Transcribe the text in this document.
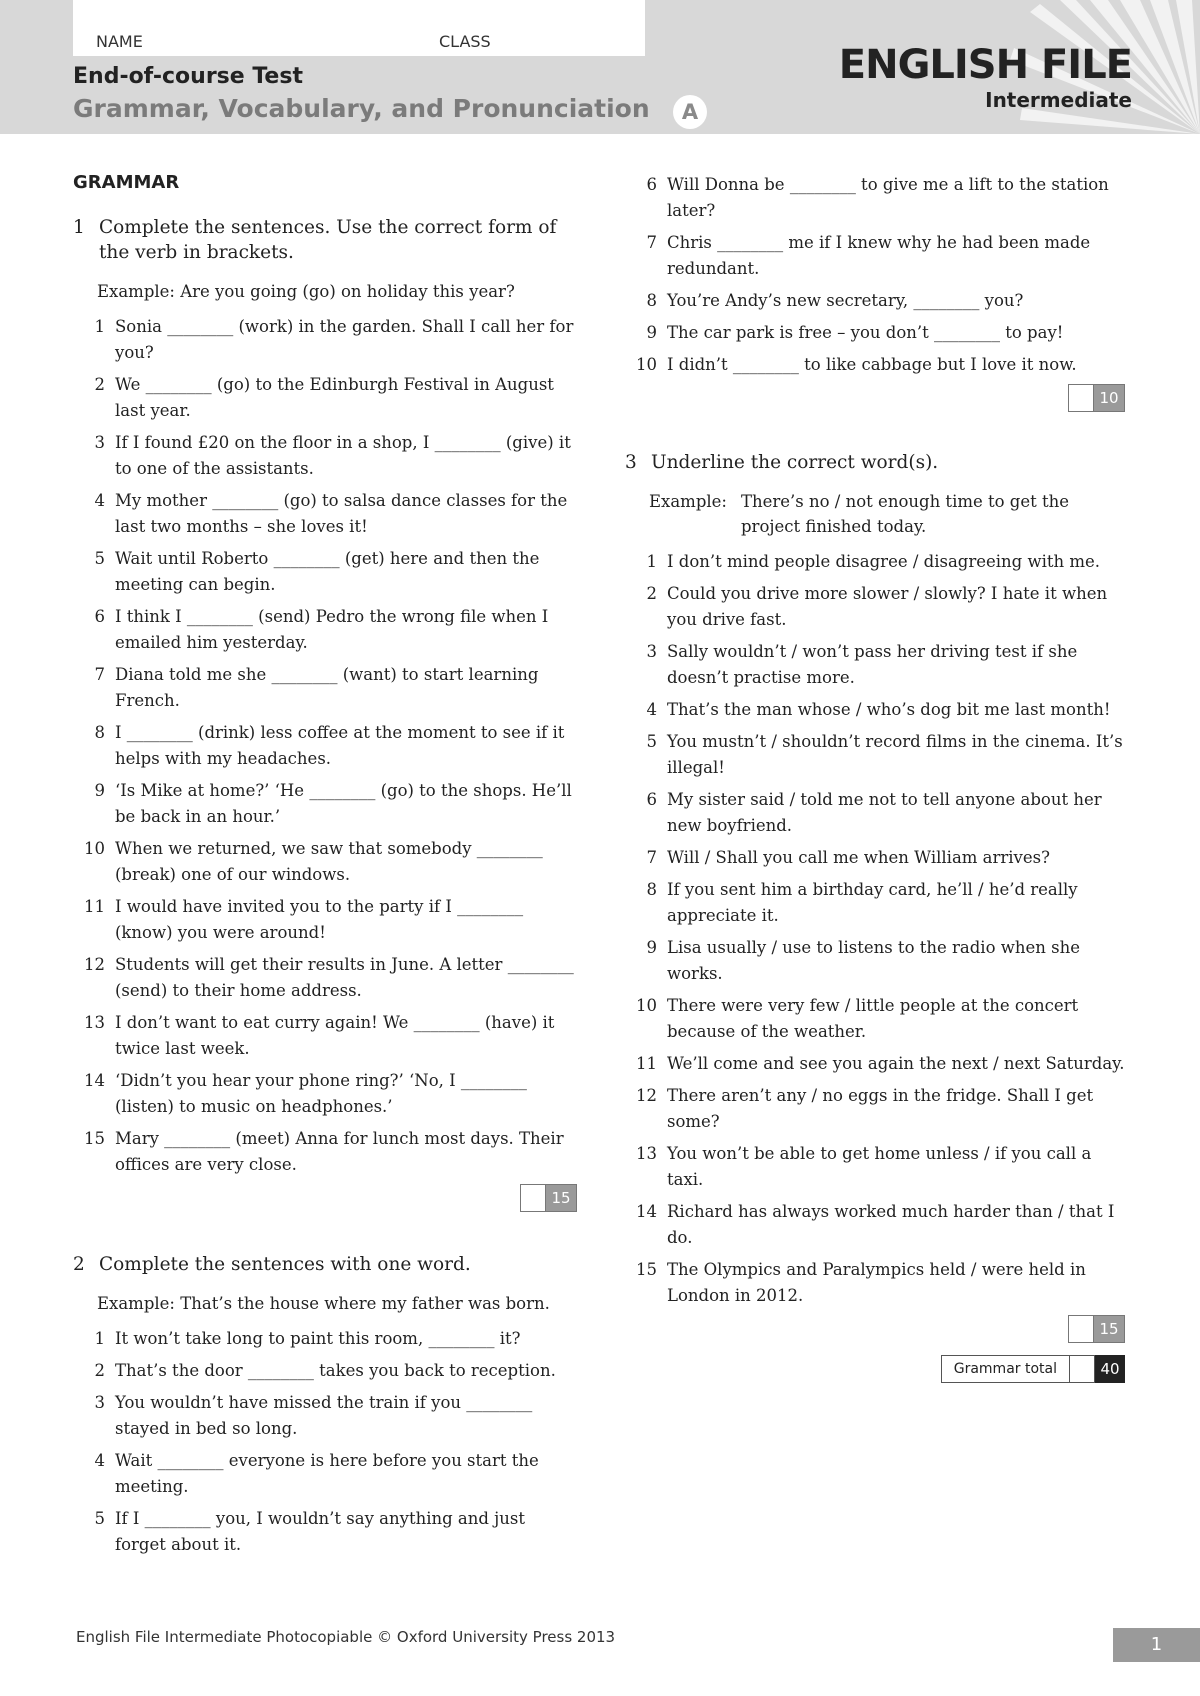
NAME	CLASS
End-of-course Test
Grammar, Vocabulary, and Pronunciation	A
ENGLISH FILE
Intermediate
GRAMMAR
1 Complete the sentences. Use the correct form of the verb in brackets.
Example: Are you going (go) on holiday this year?
1 Sonia ________ (work) in the garden. Shall I call her for you?
2 We ________ (go) to the Edinburgh Festival in August last year.
3 If I found £20 on the floor in a shop, I ________ (give) it to one of the assistants.
4 My mother ________ (go) to salsa dance classes for the last two months – she loves it!
5 Wait until Roberto ________ (get) here and then the meeting can begin.
6 I think I ________ (send) Pedro the wrong file when I emailed him yesterday.
7 Diana told me she ________ (want) to start learning French.
8 I ________ (drink) less coffee at the moment to see if it helps with my headaches.
9 ‘Is Mike at home?’ ‘He ________ (go) to the shops. He’ll be back in an hour.’
10 When we returned, we saw that somebody ________ (break) one of our windows.
11 I would have invited you to the party if I ________ (know) you were around!
12 Students will get their results in June. A letter ________ (send) to their home address.
13 I don’t want to eat curry again! We ________ (have) it twice last week.
14 ‘Didn’t you hear your phone ring?’ ‘No, I ________ (listen) to music on headphones.’
15 Mary ________ (meet) Anna for lunch most days. Their offices are very close.
15
2 Complete the sentences with one word.
Example: That’s the house where my father was born.
1 It won’t take long to paint this room, ________ it?
2 That’s the door ________ takes you back to reception.
3 You wouldn’t have missed the train if you ________ stayed in bed so long.
4 Wait ________ everyone is here before you start the meeting.
5 If I ________ you, I wouldn’t say anything and just forget about it.
6 Will Donna be ________ to give me a lift to the station later?
7 Chris ________ me if I knew why he had been made redundant.
8 You’re Andy’s new secretary, ________ you?
9 The car park is free – you don’t ________ to pay!
10 I didn’t ________ to like cabbage but I love it now.
10
3 Underline the correct word(s).
Example: There’s no / not enough time to get the project finished today.
1 I don’t mind people disagree / disagreeing with me.
2 Could you drive more slower / slowly? I hate it when you drive fast.
3 Sally wouldn’t / won’t pass her driving test if she doesn’t practise more.
4 That’s the man whose / who’s dog bit me last month!
5 You mustn’t / shouldn’t record films in the cinema. It’s illegal!
6 My sister said / told me not to tell anyone about her new boyfriend.
7 Will / Shall you call me when William arrives?
8 If you sent him a birthday card, he’ll / he’d really appreciate it.
9 Lisa usually / use to listens to the radio when she works.
10 There were very few / little people at the concert because of the weather.
11 We’ll come and see you again the next / next Saturday.
12 There aren’t any / no eggs in the fridge. Shall I get some?
13 You won’t be able to get home unless / if you call a taxi.
14 Richard has always worked much harder than / that I do.
15 The Olympics and Paralympics held / were held in London in 2012.
15
Grammar total	40
English File Intermediate Photocopiable © Oxford University Press 2013	1
